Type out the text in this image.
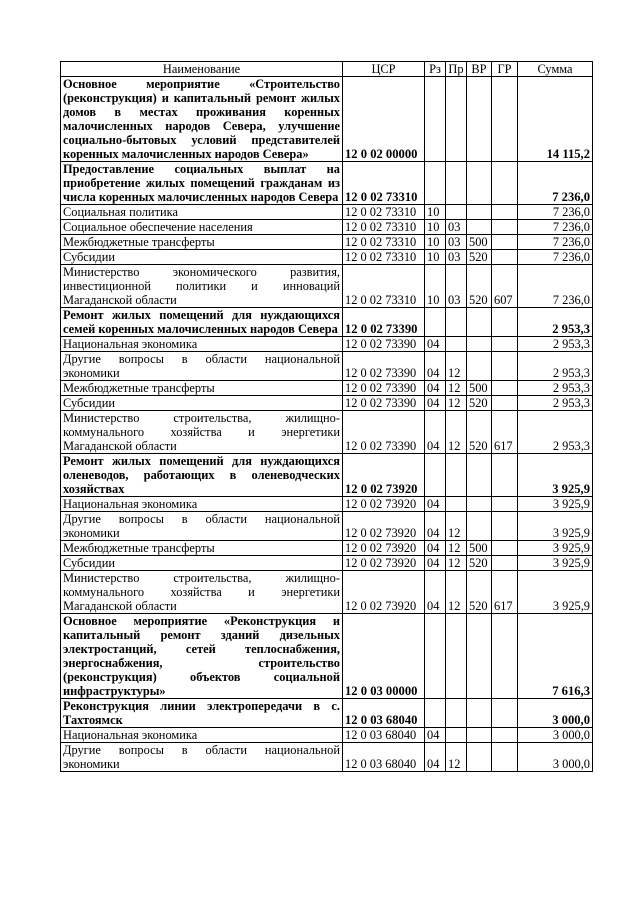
Наименование	ЦСР	Рз	Пр	ВР	ГР	Сумма

Основное мероприятие «Строительство (реконструкция) и капитальный ремонт жилых домов в местах проживания коренных малочисленных народов Севера, улучшение социально-бытовых условий представителей коренных малочисленных народов Севера»	12 0 02 00000					14 115,2

Предоставление социальных выплат на приобретение жилых помещений гражданам из числа коренных малочисленных народов Севера	12 0 02 73310					7 236,0

Социальная политика	12 0 02 73310	10				7 236,0

Социальное обеспечение населения	12 0 02 73310	10	03			7 236,0

Межбюджетные трансферты	12 0 02 73310	10	03	500		7 236,0

Субсидии	12 0 02 73310	10	03	520		7 236,0

Министерство экономического развития, инвестиционной политики и инноваций Магаданской области	12 0 02 73310	10	03	520	607	7 236,0

Ремонт жилых помещений для нуждающихся семей коренных малочисленных народов Севера	12 0 02 73390					2 953,3

Национальная экономика	12 0 02 73390	04				2 953,3

Другие вопросы в области национальной экономики	12 0 02 73390	04	12			2 953,3

Межбюджетные трансферты	12 0 02 73390	04	12	500		2 953,3

Субсидии	12 0 02 73390	04	12	520		2 953,3

Министерство строительства, жилищно-коммунального хозяйства и энергетики Магаданской области	12 0 02 73390	04	12	520	617	2 953,3

Ремонт жилых помещений для нуждающихся оленеводов, работающих в оленеводческих хозяйствах	12 0 02 73920					3 925,9

Национальная экономика	12 0 02 73920	04				3 925,9

Другие вопросы в области национальной экономики	12 0 02 73920	04	12			3 925,9

Межбюджетные трансферты	12 0 02 73920	04	12	500		3 925,9

Субсидии	12 0 02 73920	04	12	520		3 925,9

Министерство строительства, жилищно-коммунального хозяйства и энергетики Магаданской области	12 0 02 73920	04	12	520	617	3 925,9

Основное мероприятие «Реконструкция и капитальный ремонт зданий дизельных электростанций, сетей теплоснабжения, энергоснабжения, строительство (реконструкция) объектов социальной инфраструктуры»	12 0 03 00000					7 616,3

Реконструкция линии электропередачи в с. Тахтоямск	12 0 03 68040					3 000,0

Национальная экономика	12 0 03 68040	04				3 000,0

Другие вопросы в области национальной экономики	12 0 03 68040	04	12			3 000,0
